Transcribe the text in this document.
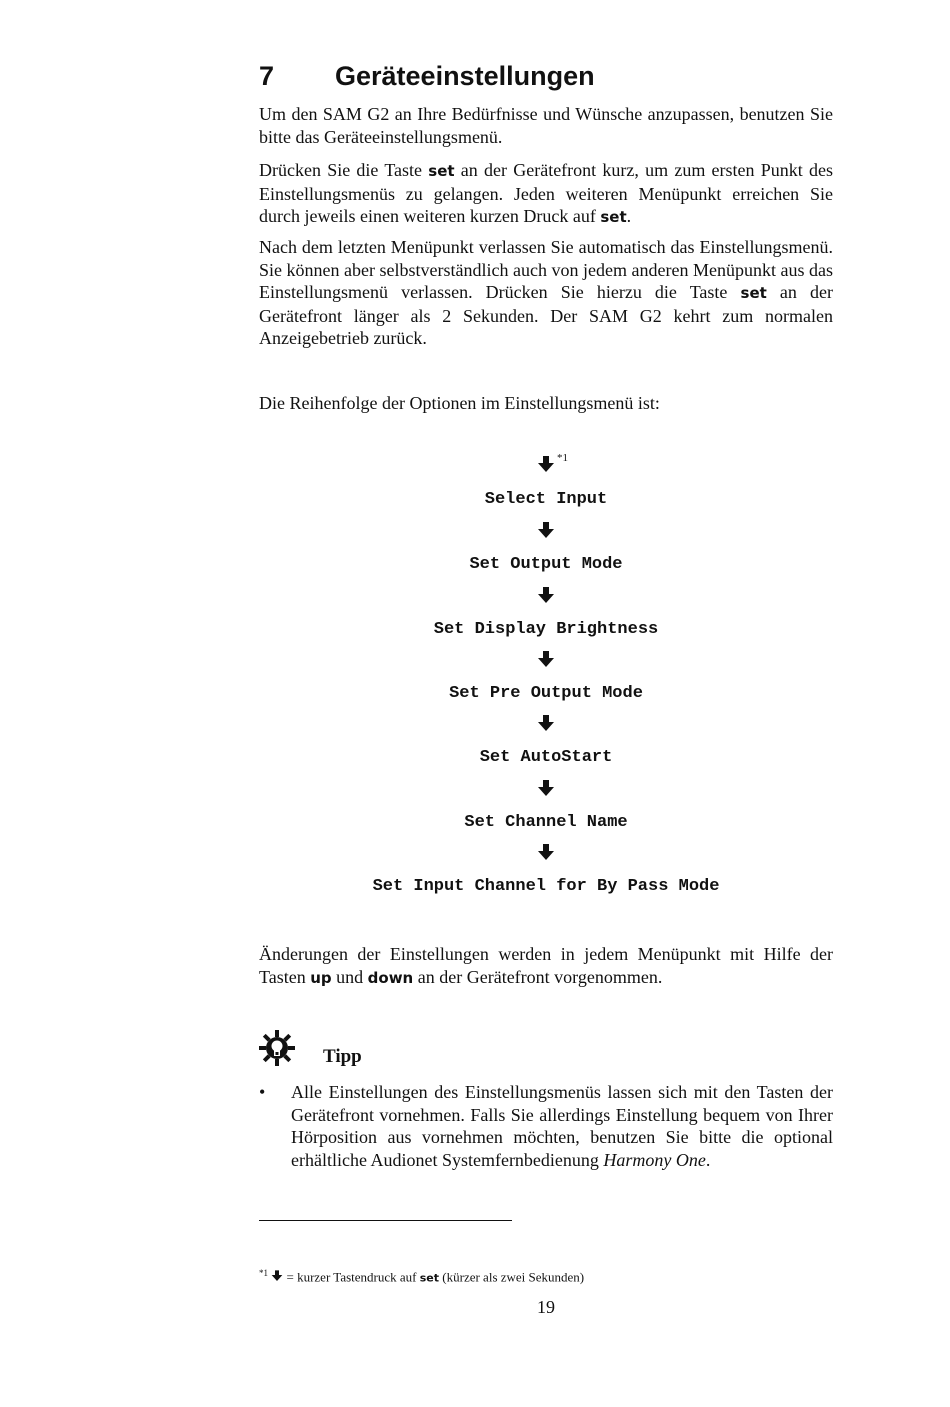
7 Geräteeinstellungen

Um den SAM G2 an Ihre Bedürfnisse und Wünsche anzupassen, benutzen Sie bitte das Geräteeinstellungsmenü.

Drücken Sie die Taste set an der Gerätefront kurz, um zum ersten Punkt des Einstellungsmenüs zu gelangen. Jeden weiteren Menüpunkt erreichen Sie durch jeweils einen weiteren kurzen Druck auf set.

Nach dem letzten Menüpunkt verlassen Sie automatisch das Einstellungsmenü. Sie können aber selbstverständlich auch von jedem anderen Menüpunkt aus das Einstellungsmenü verlassen. Drücken Sie hierzu die Taste set an der Gerätefront länger als 2 Sekunden. Der SAM G2 kehrt zum normalen Anzeigebetrieb zurück.

Die Reihenfolge der Optionen im Einstellungsmenü ist:

*1
Select Input
Set Output Mode
Set Display Brightness
Set Pre Output Mode
Set AutoStart
Set Channel Name
Set Input Channel for By Pass Mode

Änderungen der Einstellungen werden in jedem Menüpunkt mit Hilfe der Tasten up und down an der Gerätefront vorgenommen.

Tipp
• Alle Einstellungen des Einstellungsmenüs lassen sich mit den Tasten der Gerätefront vornehmen. Falls Sie allerdings Einstellung bequem von Ihrer Hörposition aus vornehmen möchten, benutzen Sie bitte die optional erhältliche Audionet Systemfernbedienung Harmony One.

$^{*1}$  = kurzer Tastendruck auf set (kürzer als zwei Sekunden)

19
